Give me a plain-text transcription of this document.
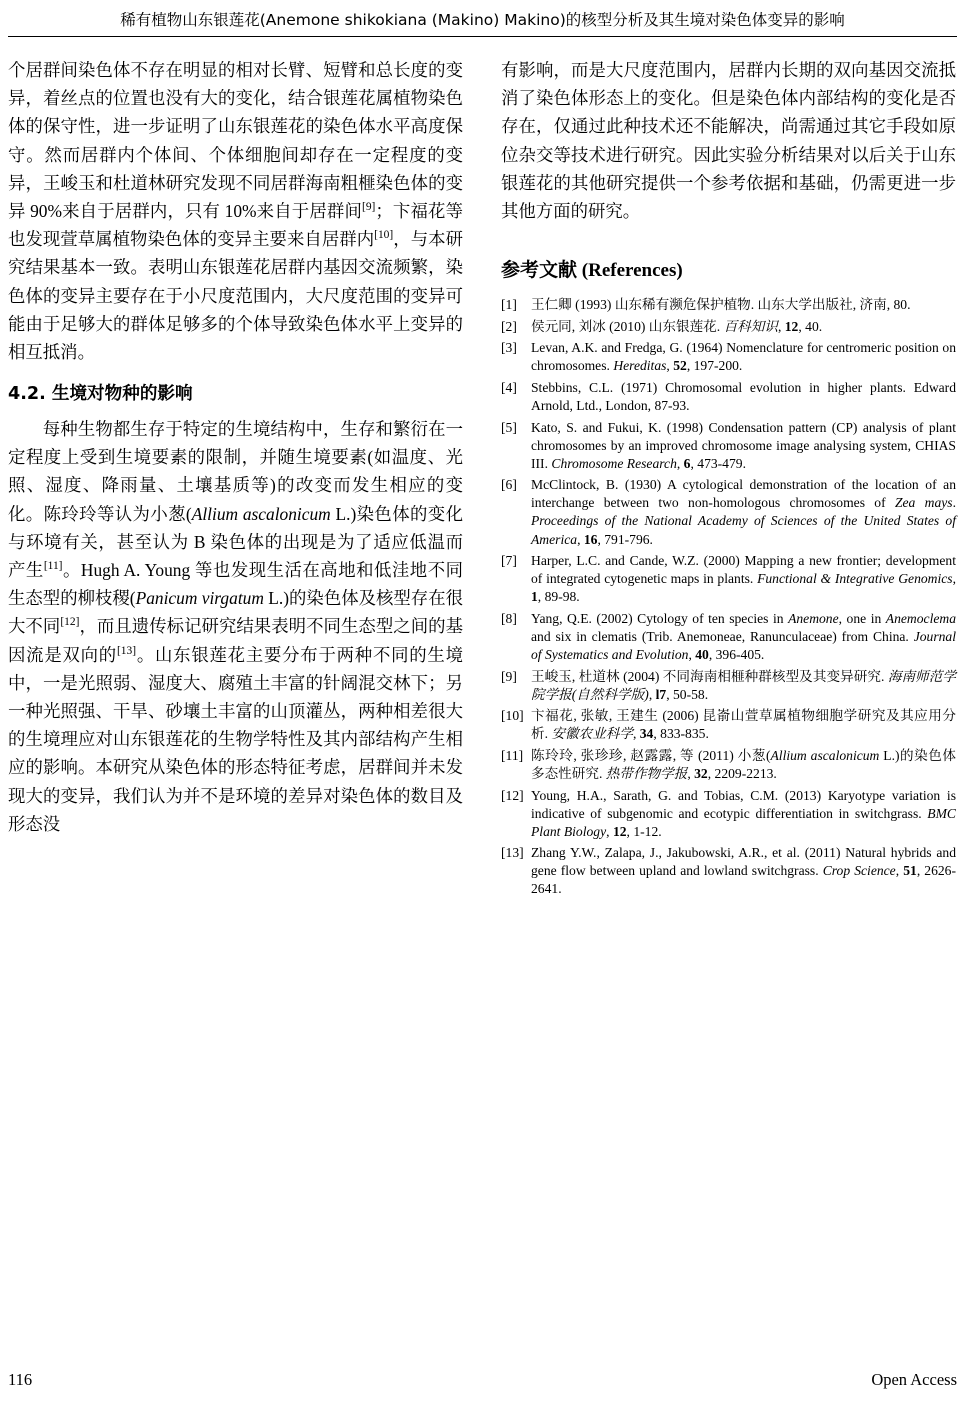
稀有植物山东银莲花(Anemone shikokiana (Makino) Makino)的核型分析及其生境对染色体变异的影响

个居群间染色体不存在明显的相对长臂、短臂和总长度的变异，着丝点的位置也没有大的变化，结合银莲花属植物染色体的保守性，进一步证明了山东银莲花的染色体水平高度保守。然而居群内个体间、个体细胞间却存在一定程度的变异，王峻玉和杜道林研究发现不同居群海南粗榧染色体的变异 90%来自于居群内，只有 10%来自于居群间[9]；卞福花等也发现萱草属植物染色体的变异主要来自居群内[10]，与本研究结果基本一致。表明山东银莲花居群内基因交流频繁，染色体的变异主要存在于小尺度范围内，大尺度范围的变异可能由于足够大的群体足够多的个体导致染色体水平上变异的相互抵消。

4.2. 生境对物种的影响

每种生物都生存于特定的生境结构中，生存和繁衍在一定程度上受到生境要素的限制，并随生境要素(如温度、光照、湿度、降雨量、土壤基质等)的改变而发生相应的变化。陈玲玲等认为小葱(Allium ascalonicum L.)染色体的变化与环境有关，甚至认为 B 染色体的出现是为了适应低温而产生[11]。Hugh A. Young 等也发现生活在高地和低洼地不同生态型的柳枝稷(Panicum virgatum L.)的染色体及核型存在很大不同[12]，而且遗传标记研究结果表明不同生态型之间的基因流是双向的[13]。山东银莲花主要分布于两种不同的生境中，一是光照弱、湿度大、腐殖土丰富的针阔混交林下；另一种光照强、干旱、砂壤土丰富的山顶灌丛，两种相差很大的生境理应对山东银莲花的生物学特性及其内部结构产生相应的影响。本研究从染色体的形态特征考虑，居群间并未发现大的变异，我们认为并不是环境的差异对染色体的数目及形态没

有影响，而是大尺度范围内，居群内长期的双向基因交流抵消了染色体形态上的变化。但是染色体内部结构的变化是否存在，仅通过此种技术还不能解决，尚需通过其它手段如原位杂交等技术进行研究。因此实验分析结果对以后关于山东银莲花的其他研究提供一个参考依据和基础，仍需更进一步其他方面的研究。

参考文献 (References)
[1]	王仁卿 (1993) 山东稀有濒危保护植物. 山东大学出版社, 济南, 80.
[2]	侯元同, 刘冰 (2010) 山东银莲花. 百科知识, 12, 40.
[3]	Levan, A.K. and Fredga, G. (1964) Nomenclature for centromeric position on chromosomes. Hereditas, 52, 197-200.
[4]	Stebbins, C.L. (1971) Chromosomal evolution in higher plants. Edward Arnold, Ltd., London, 87-93.
[5]	Kato, S. and Fukui, K. (1998) Condensation pattern (CP) analysis of plant chromosomes by an improved chromosome image analysing system, CHIAS III. Chromosome Research, 6, 473-479.
[6]	McClintock, B. (1930) A cytological demonstration of the location of an interchange between two non-homologous chromosomes of Zea mays. Proceedings of the National Academy of Sciences of the United States of America, 16, 791-796.
[7]	Harper, L.C. and Cande, W.Z. (2000) Mapping a new frontier; development of integrated cytogenetic maps in plants. Functional & Integrative Genomics, 1, 89-98.
[8]	Yang, Q.E. (2002) Cytology of ten species in Anemone, one in Anemoclema and six in clematis (Trib. Anemoneae, Ranunculaceae) from China. Journal of Systematics and Evolution, 40, 396-405.
[9]	王峻玉, 杜道林 (2004) 不同海南相榧种群核型及其变异研究. 海南师范学院学报(自然科学版), l7, 50-58.
[10] 卞福花, 张敏, 王建生 (2006) 昆嵛山萱草属植物细胞学研究及其应用分析. 安徽农业科学, 34, 833-835.
[11] 陈玲玲, 张珍珍, 赵露露, 等 (2011) 小葱(Allium ascalonicum L.)的染色体多态性研究. 热带作物学报, 32, 2209-2213.
[12] Young, H.A., Sarath, G. and Tobias, C.M. (2013) Karyotype variation is indicative of subgenomic and ecotypic differentiation in switchgrass. BMC Plant Biology, 12, 1-12.
[13] Zhang Y.W., Zalapa, J., Jakubowski, A.R., et al. (2011) Natural hybrids and gene flow between upland and lowland switchgrass. Crop Science, 51, 2626-2641.
116	Open Access
